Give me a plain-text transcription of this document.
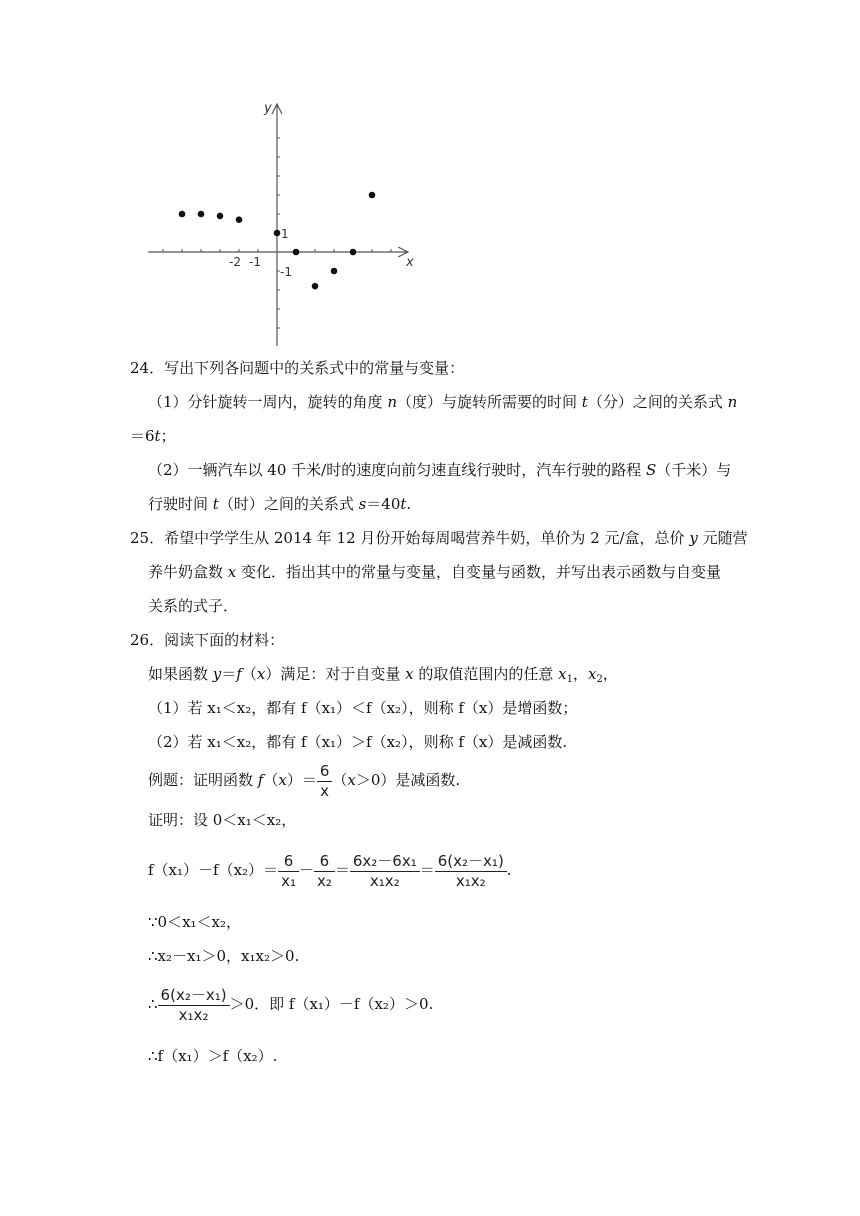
x
y
-2 -1
1
-1
24．写出下列各问题中的关系式中的常量与变量：
（1）分针旋转一周内，旋转的角度 n（度）与旋转所需要的时间 t（分）之间的关系式 n
＝6t；
（2）一辆汽车以 40 千米/时的速度向前匀速直线行驶时，汽车行驶的路程 S（千米）与
行驶时间 t（时）之间的关系式 s＝40t.
25．希望中学学生从 2014 年 12 月份开始每周喝营养牛奶，单价为 2 元/盒，总价 y 元随营
养牛奶盒数 x 变化．指出其中的常量与变量，自变量与函数，并写出表示函数与自变量
关系的式子．
26．阅读下面的材料：
如果函数 y＝f（x）满足：对于自变量 x 的取值范围内的任意 $x_1$，$x_2$，
（1）若 x₁＜x₂，都有 f（x₁）＜f（x₂），则称 f（x）是增函数；
（2）若 x₁＜x₂，都有 f（x₁）＞f（x₂），则称 f（x）是减函数.
例题：证明函数 $f(x)= \frac{6}{x} (x>0)$是减函数.
证明：设 0＜x₁＜x₂，
$f(x_1)-f(x_2)= \frac{6}{\text{x₁}} - \frac{6}{\text{x₂}} = \frac{\text{6x₂－6x₁}}{\text{x₁x₂}} = \frac{\text{6(x₂－x₁)}}{\text{x₁x₂}}$ .
∵0＜x₁＜x₂，
∴x₂－x₁＞0，x₁x₂＞0.
∴ $\frac{\text{6(x₂－x₁)}}{\text{x₁x₂}} >0$．即 f（x₁）－f（x₂）＞0.
∴f（x₁）＞f（x₂）.
